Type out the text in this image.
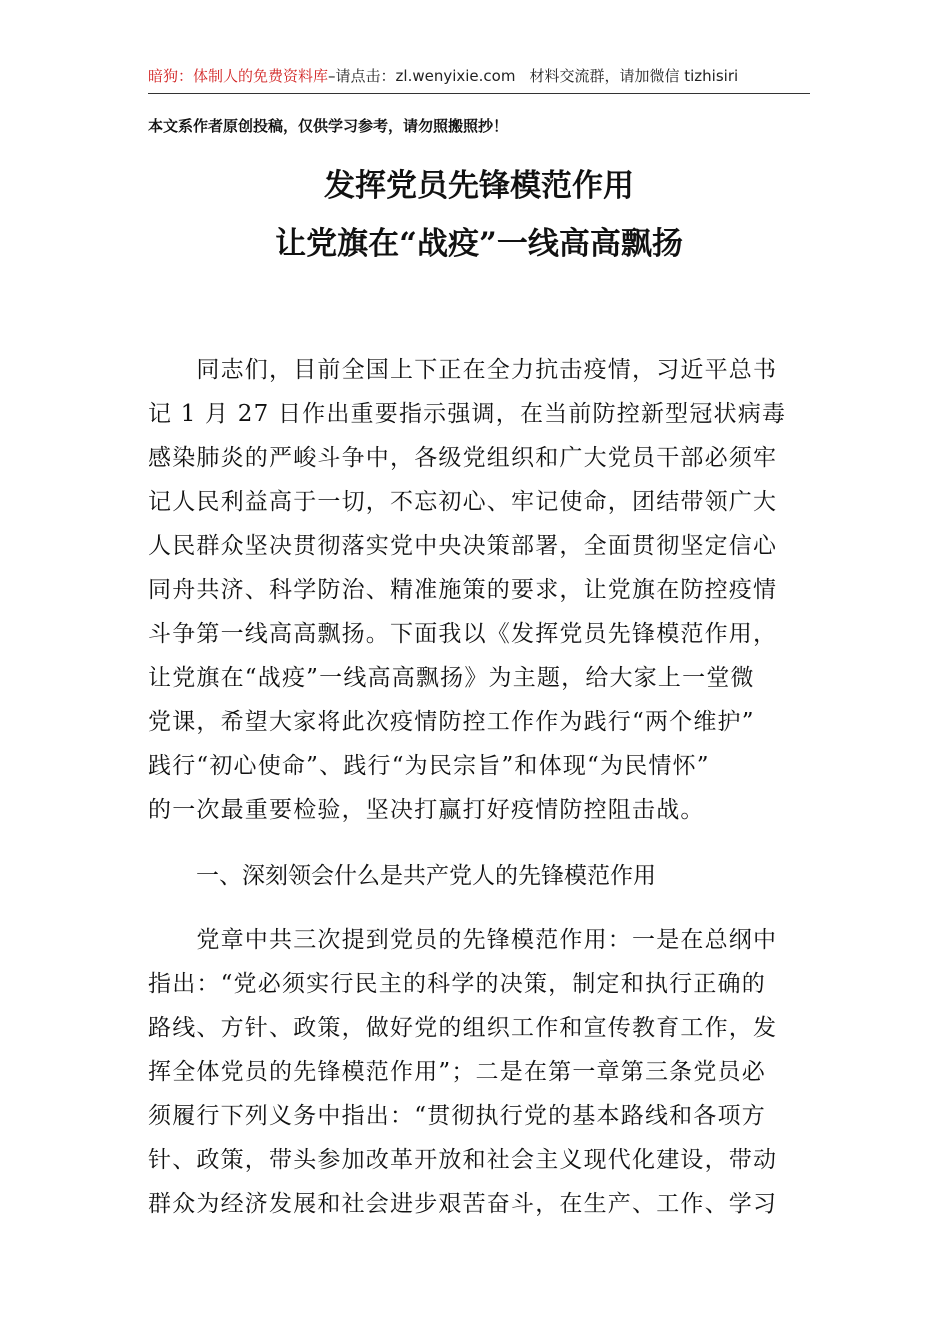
暗狗：体制人的免费资料库–请点击：zl.wenyixie.com 材料交流群，请加微信 tizhisiri
本文系作者原创投稿，仅供学习参考，请勿照搬照抄！
发挥党员先锋模范作用
让党旗在“战疫”一线高高飘扬
　　同志们，目前全国上下正在全力抗击疫情，习近平总书
记 1 月 27 日作出重要指示强调，在当前防控新型冠状病毒
感染肺炎的严峻斗争中，各级党组织和广大党员干部必须牢
记人民利益高于一切，不忘初心、牢记使命，团结带领广大
人民群众坚决贯彻落实党中央决策部署，全面贯彻坚定信心
同舟共济、科学防治、精准施策的要求，让党旗在防控疫情
斗争第一线高高飘扬。下面我以《发挥党员先锋模范作用，
让党旗在“战疫”一线高高飘扬》为主题，给大家上一堂微
党课，希望大家将此次疫情防控工作作为践行“两个维护”
践行“初心使命”、践行“为民宗旨”和体现“为民情怀”
的一次最重要检验，坚决打赢打好疫情防控阻击战。
一、深刻领会什么是共产党人的先锋模范作用
　　党章中共三次提到党员的先锋模范作用：一是在总纲中
指出：“党必须实行民主的科学的决策，制定和执行正确的
路线、方针、政策，做好党的组织工作和宣传教育工作，发
挥全体党员的先锋模范作用”；二是在第一章第三条党员必
须履行下列义务中指出：“贯彻执行党的基本路线和各项方
针、政策，带头参加改革开放和社会主义现代化建设，带动
群众为经济发展和社会进步艰苦奋斗，在生产、工作、学习
